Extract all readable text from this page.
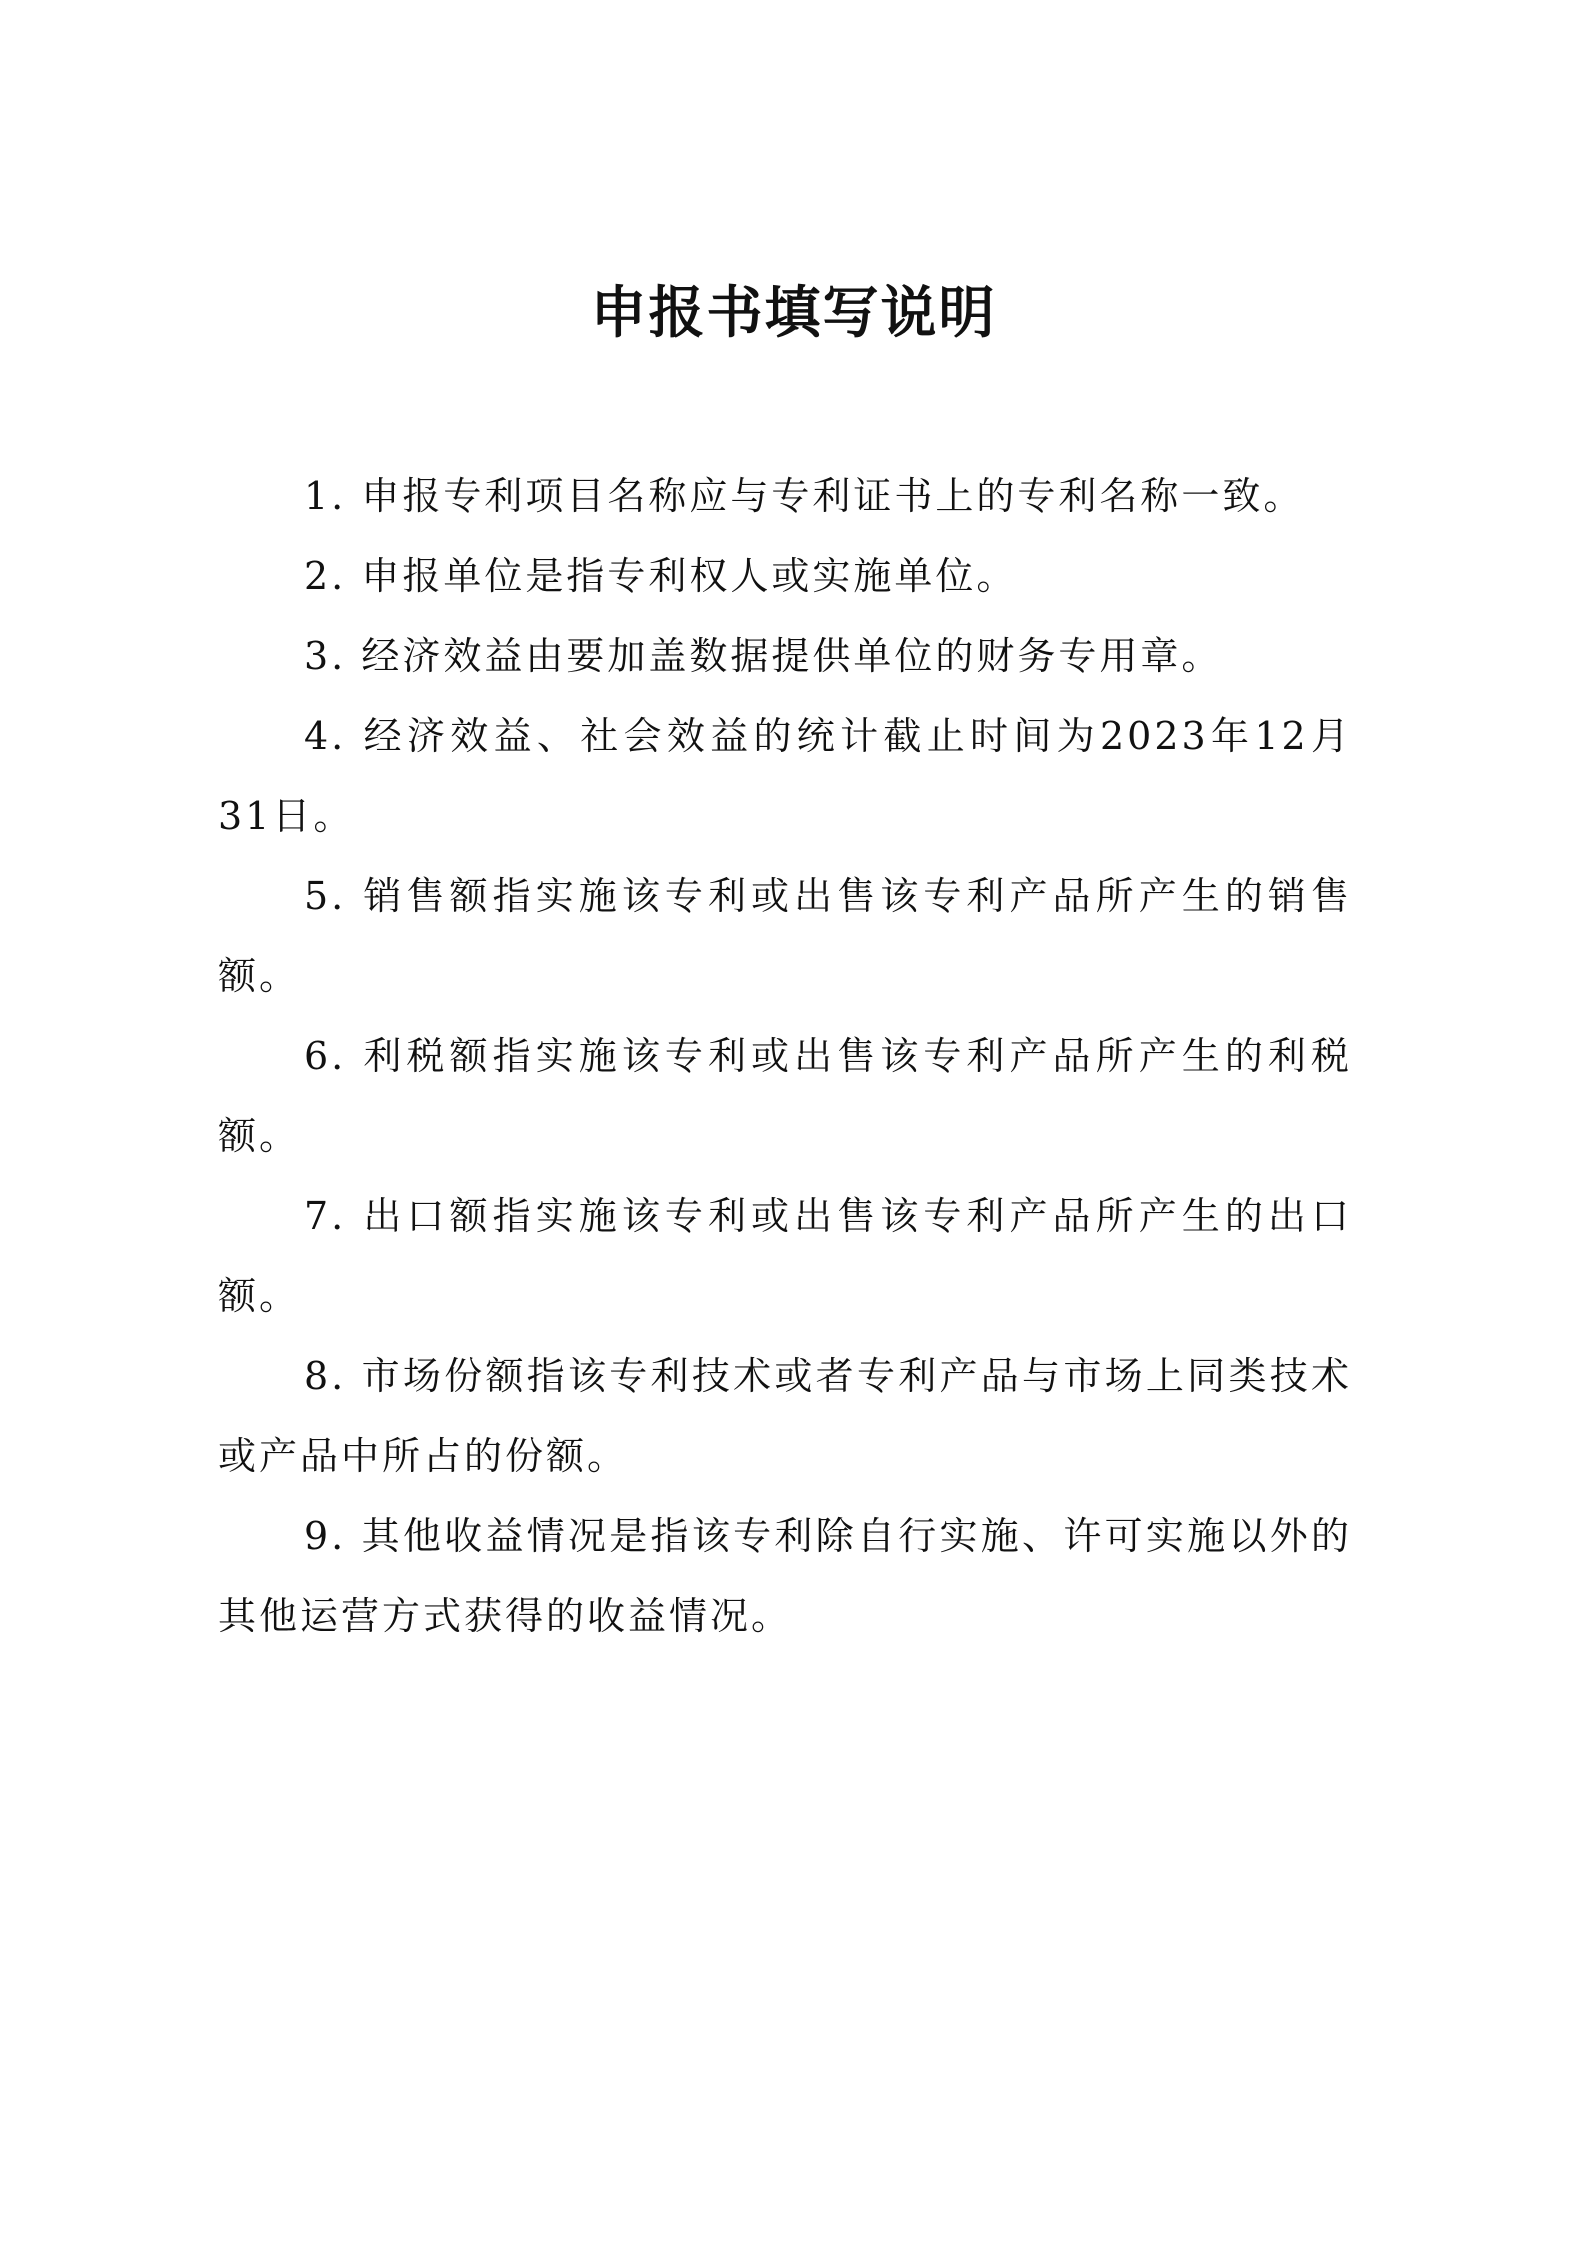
申报书填写说明

1. 申报专利项目名称应与专利证书上的专利名称一致。

2. 申报单位是指专利权人或实施单位。

3. 经济效益由要加盖数据提供单位的财务专用章。

4. 经济效益、社会效益的统计截止时间为2023年12月31日。

5. 销售额指实施该专利或出售该专利产品所产生的销售额。

6. 利税额指实施该专利或出售该专利产品所产生的利税额。

7. 出口额指实施该专利或出售该专利产品所产生的出口额。

8. 市场份额指该专利技术或者专利产品与市场上同类技术或产品中所占的份额。

9. 其他收益情况是指该专利除自行实施、许可实施以外的其他运营方式获得的收益情况。
